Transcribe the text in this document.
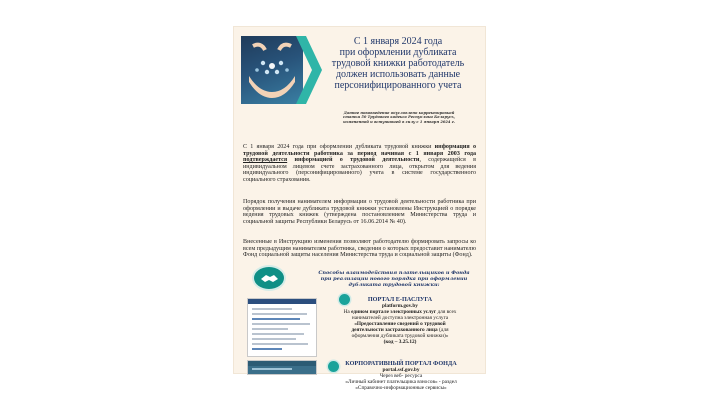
С 1 января 2024 года
при оформлении дубликата
трудовой книжки работодатель
должен использовать данные
персонифицированного учета
Данное нововведение обусловлено корректировкой
статьи 50 Трудового кодекса Республики Беларусь,
измененной и вступившей в силу с 1 января 2024 г.
С 1 января 2024 года при оформлении дубликата трудовой книжки информация о трудовой деятельности работника за период начиная с 1 января 2003 года подтверждается информацией о трудовой деятельности, содержащейся в индивидуальном лицевом счете застрахованного лица, открытом для ведения индивидуального (персонифицированного) учета в системе государственного социального страхования.
Порядок получения нанимателем информации о трудовой деятельности работника при оформлении и выдаче дубликата трудовой книжки установлены Инструкцией о порядке ведения трудовых книжек (утверждена постановлением Министерства труда и социальной защиты Республики Беларусь от 16.06.2014 № 40).
Внесенные в Инструкцию изменения позволяют работодателю формировать запросы ко всем предыдущим нанимателям работника, сведения о которых предоставит нанимателю Фонд социальной защиты населения Министерства труда и социальной защиты (Фонд).
Способы взаимодействия плательщиков и Фонда
при реализации нового порядка при оформлении
дубликата трудовой книжки:
ПОРТАЛ Е-ПАСЛУГА
platform.gov.by
На едином портале электронных услуг для всех
нанимателей доступна электронная услуга
«Предоставление сведений о трудовой
деятельности застрахованного лица (для
оформления дубликата трудовой книжки)»
(код – 3.25.12)
КОРПОРАТИВНЫЙ ПОРТАЛ ФОНДА
portal.ssf.gov.by
Через веб- ресурса
«Личный кабинет плательщика взносов» - раздел
«Справочно-информационные сервисы»
